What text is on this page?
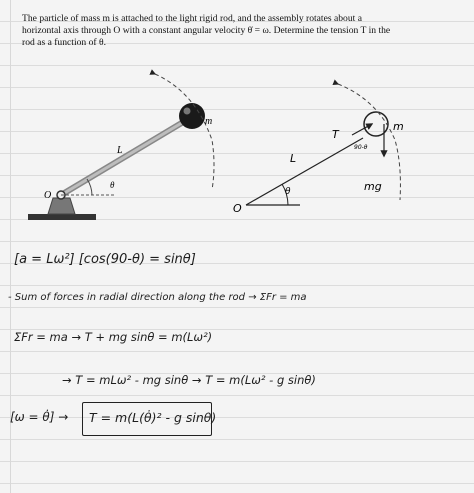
The particle of mass m is attached to the light rigid rod, and the assembly rotates about a

horizontal axis through O with a constant angular velocity θ̇ = ω. Determine the tension T in the

rod as a function of θ.

m
L
θ
O
m
T
L
θ
O
mg
90-θ
[a = Lω²] [cos(90-θ) = sinθ]
- Sum of forces in radial direction along the rod → ΣFr = ma
ΣFr = ma → T + mg sinθ = m(Lω²)
→ T = mLω² - mg sinθ → T = m(Lω² - g sinθ)
[ω = θ̇] → T = m(L(θ̇)² - g sinθ)
